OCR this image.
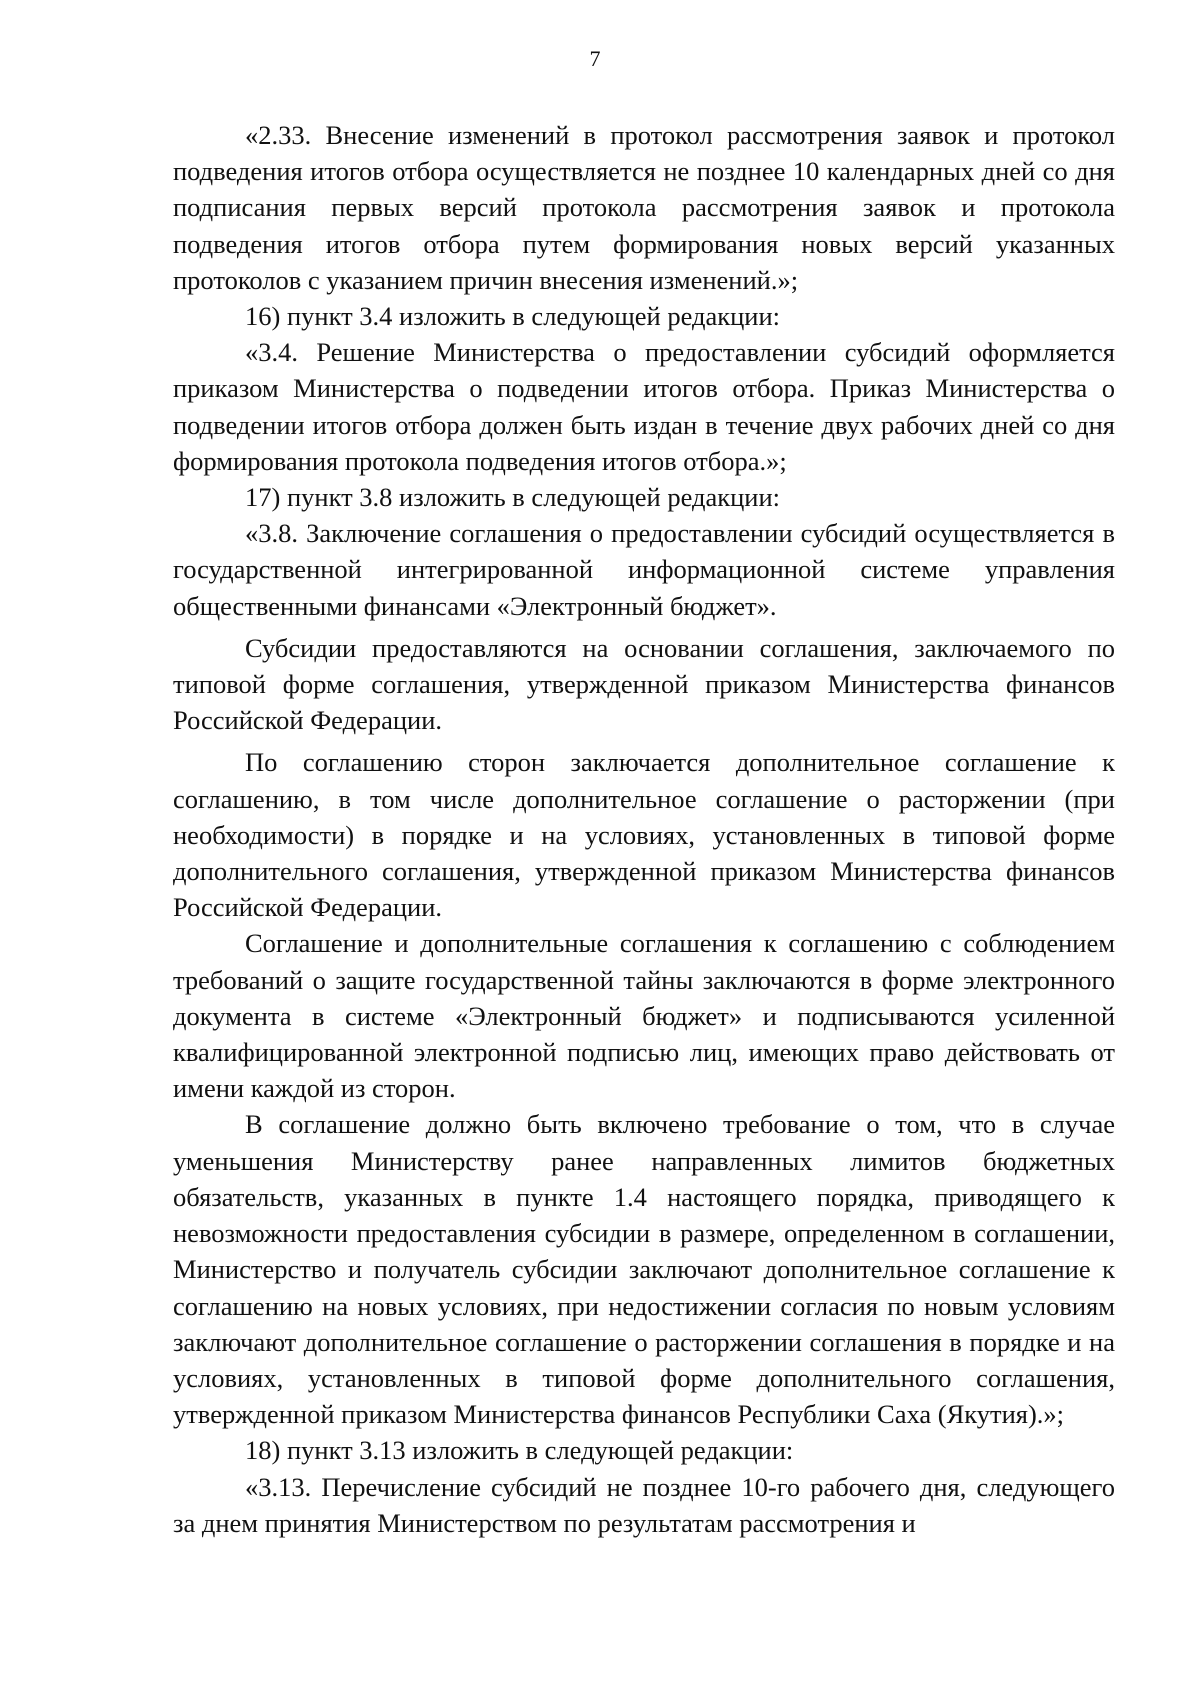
7

«2.33. Внесение изменений в протокол рассмотрения заявок и протокол подведения итогов отбора осуществляется не позднее 10 календарных дней со дня подписания первых версий протокола рассмотрения заявок и протокола подведения итогов отбора путем формирования новых версий указанных протоколов с указанием причин внесения изменений.»;

16) пункт 3.4 изложить в следующей редакции:

«3.4. Решение Министерства о предоставлении субсидий оформляется приказом Министерства о подведении итогов отбора. Приказ Министерства о подведении итогов отбора должен быть издан в течение двух рабочих дней со дня формирования протокола подведения итогов отбора.»;

17) пункт 3.8 изложить в следующей редакции:

«3.8. Заключение соглашения о предоставлении субсидий осуществляется в государственной интегрированной информационной системе управления общественными финансами «Электронный бюджет».

Субсидии предоставляются на основании соглашения, заключаемого по типовой форме соглашения, утвержденной приказом Министерства финансов Российской Федерации.

По соглашению сторон заключается дополнительное соглашение к соглашению, в том числе дополнительное соглашение о расторжении (при необходимости) в порядке и на условиях, установленных в типовой форме дополнительного соглашения, утвержденной приказом Министерства финансов Российской Федерации.

Соглашение и дополнительные соглашения к соглашению с соблюдением требований о защите государственной тайны заключаются в форме электронного документа в системе «Электронный бюджет» и подписываются усиленной квалифицированной электронной подписью лиц, имеющих право действовать от имени каждой из сторон.

В соглашение должно быть включено требование о том, что в случае уменьшения Министерству ранее направленных лимитов бюджетных обязательств, указанных в пункте 1.4 настоящего порядка, приводящего к невозможности предоставления субсидии в размере, определенном в соглашении, Министерство и получатель субсидии заключают дополнительное соглашение к соглашению на новых условиях, при недостижении согласия по новым условиям заключают дополнительное соглашение о расторжении соглашения в порядке и на условиях, установленных в типовой форме дополнительного соглашения, утвержденной приказом Министерства финансов Республики Саха (Якутия).»;

18) пункт 3.13 изложить в следующей редакции:

«3.13. Перечисление субсидий не позднее 10-го рабочего дня, следующего за днем принятия Министерством по результатам рассмотрения и
